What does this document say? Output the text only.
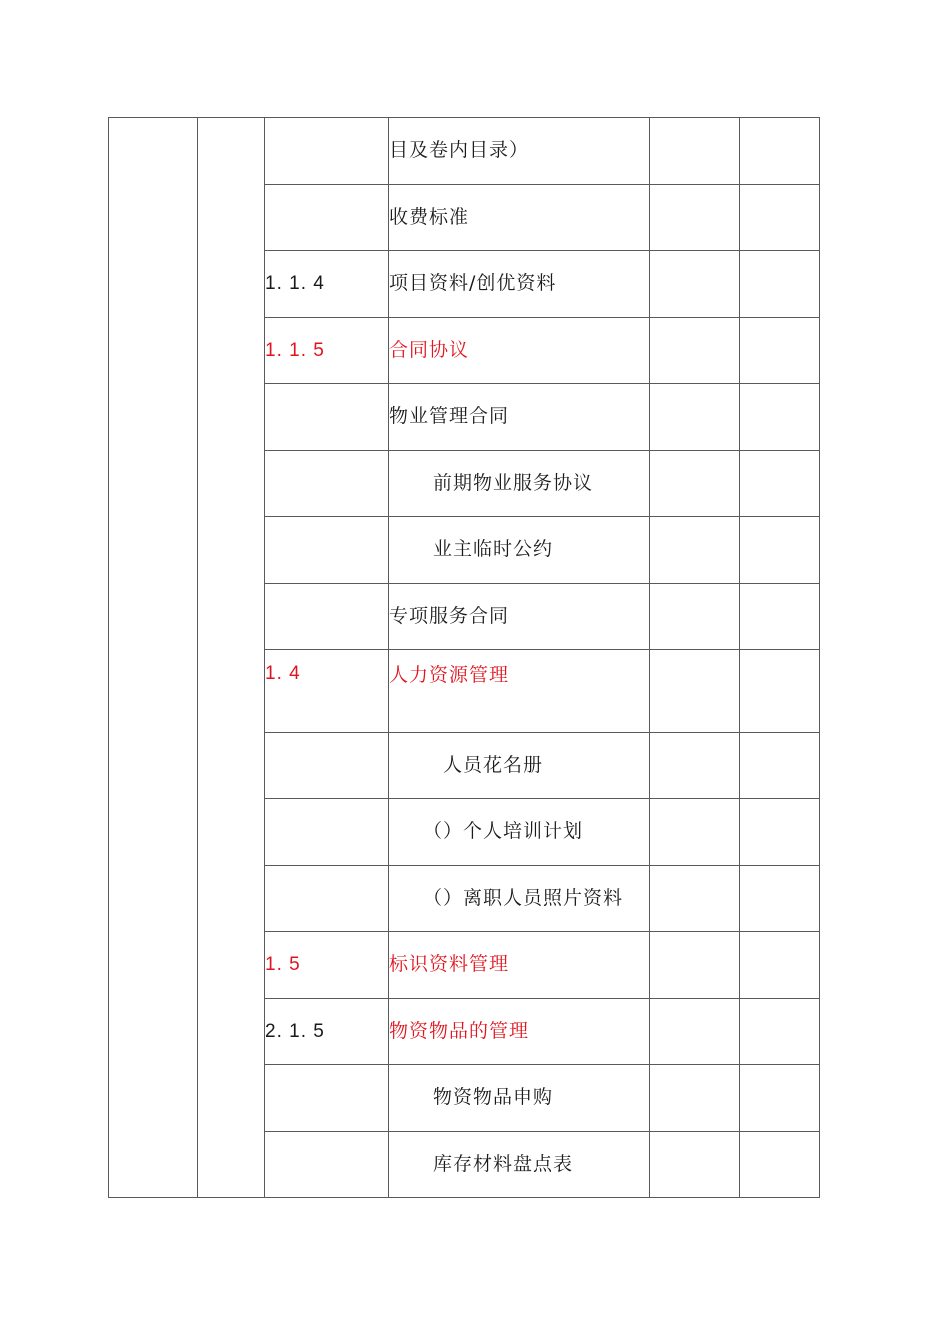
			目及卷内目录）		
			收费标准		
		1. 1. 4	项目资料/创优资料		
		1. 1. 5	合同协议		
			物业管理合同		
			前期物业服务协议		
			业主临时公约		
			专项服务合同		
		1. 4	人力资源管理		
			人员花名册		
			（）个人培训计划		
			（）离职人员照片资料		
		1. 5	标识资料管理		
		2. 1. 5	物资物品的管理		
			物资物品申购		
			库存材料盘点表		
